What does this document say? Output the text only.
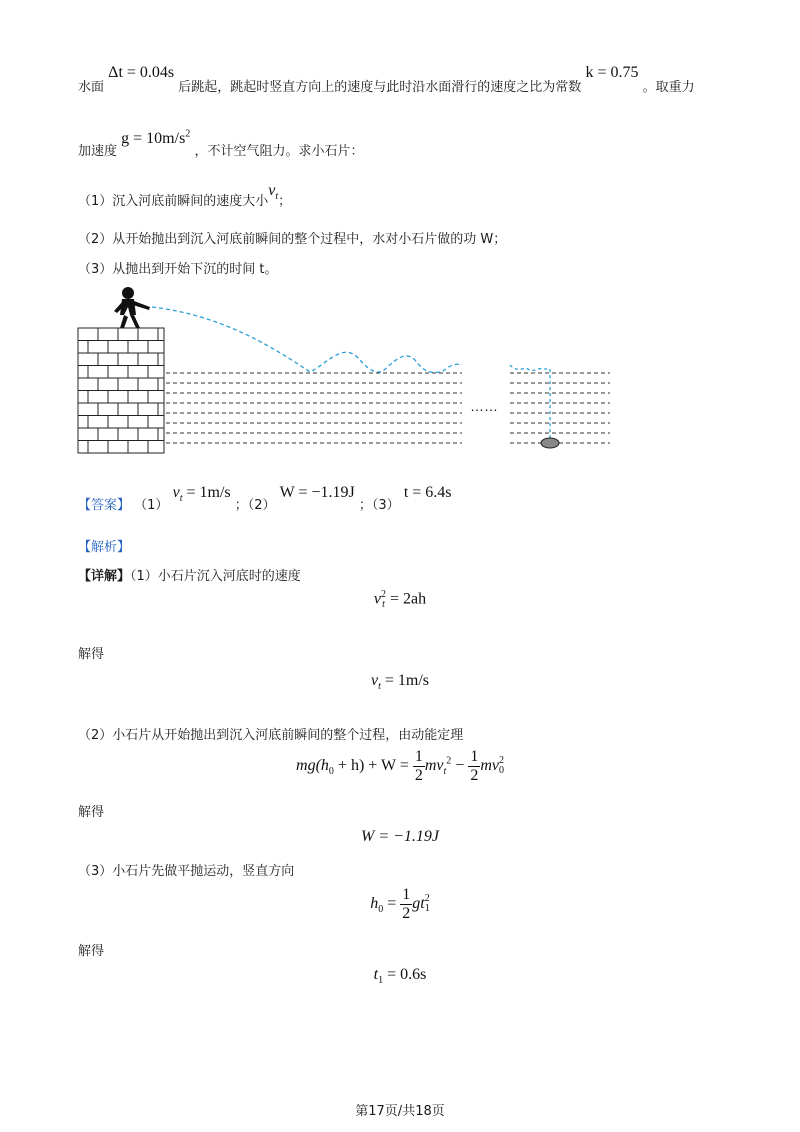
水面 Δt = 0.04s 后跳起，跳起时竖直方向上的速度与此时沿水面滑行的速度之比为常数 k = 0.75 。取重力
加速度 $g = 10m/s^2$ ，不计空气阻力。求小石片：
（1）沉入河底前瞬间的速度大小$v_t$；
（2）从开始抛出到沉入河底前瞬间的整个过程中，水对小石片做的功 W；
（3）从抛出到开始下沉的时间 t。
……
【答案】 （1） $v_t = 1m/s$ ；（2） W = −1.19J ；（3） t = 6.4s
【解析】
【详解】（1）小石片沉入河底时的速度
v 2
t = 2ah
解得
$v_t = 1m/s$
（2）小石片从开始抛出到沉入河底前瞬间的整个过程，由动能定理
$mg(h_0 + h) + W = \frac{1}{2} mv_t^2 - \frac{1}{2}$ mv 2
0
解得
W = −1.19J
（3）小石片先做平抛运动，竖直方向
$h_0 = \frac{1}{2}$ gt 2
1
解得
$t_1 = 0.6s$
第17页/共18页
